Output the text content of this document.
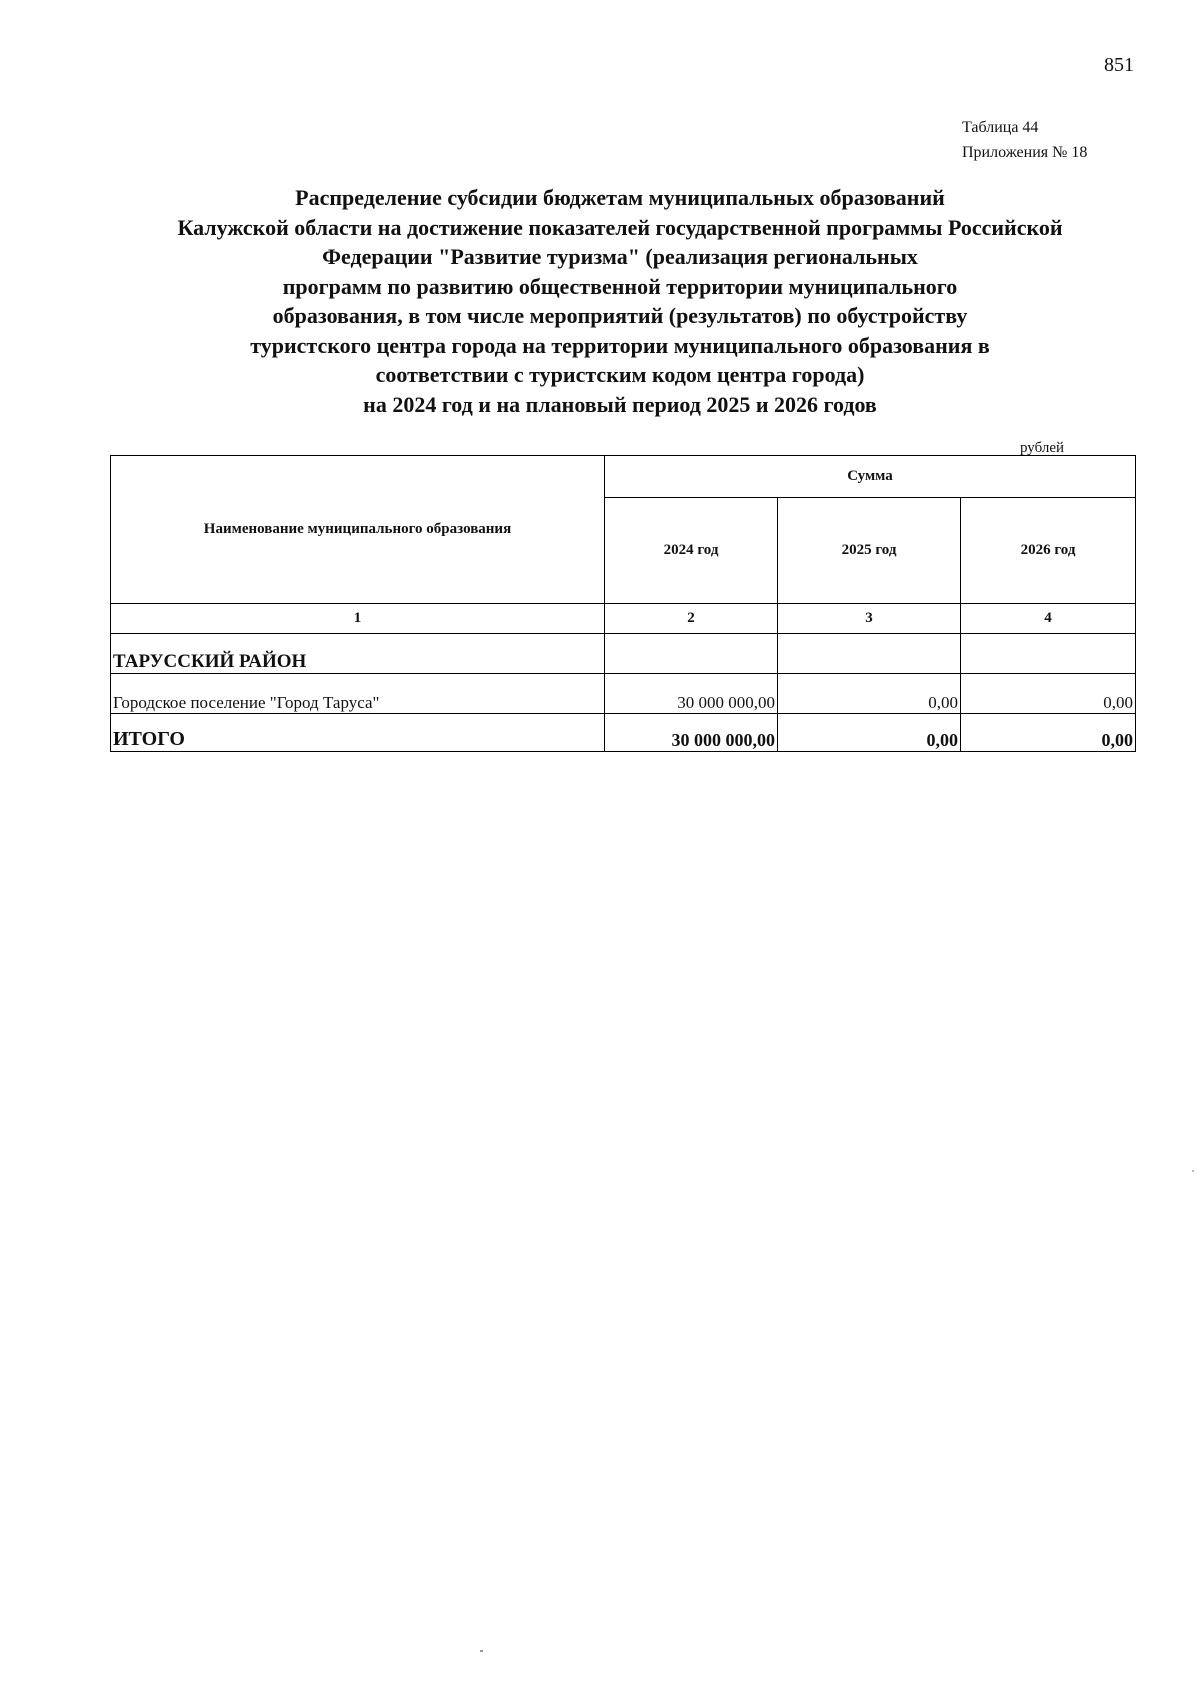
851
Таблица 44
Приложения № 18
Распределение субсидии бюджетам муниципальных образований
Калужской области на достижение показателей государственной программы Российской
Федерации "Развитие туризма" (реализация региональных
программ по развитию общественной территории муниципального
образования, в том числе мероприятий (результатов) по обустройству
туристского центра города на территории муниципального образования в
соответствии с туристским кодом центра города)
на 2024 год и на плановый период 2025 и 2026 годов
рублей
Наименование муниципального образования	Сумма		
	2024 год	2025 год	2026 год
1	2	3	4
ТАРУССКИЙ РАЙОН			
Городское поселение "Город Таруса"	30 000 000,00	0,00	0,00
ИТОГО	30 000 000,00	0,00	0,00
